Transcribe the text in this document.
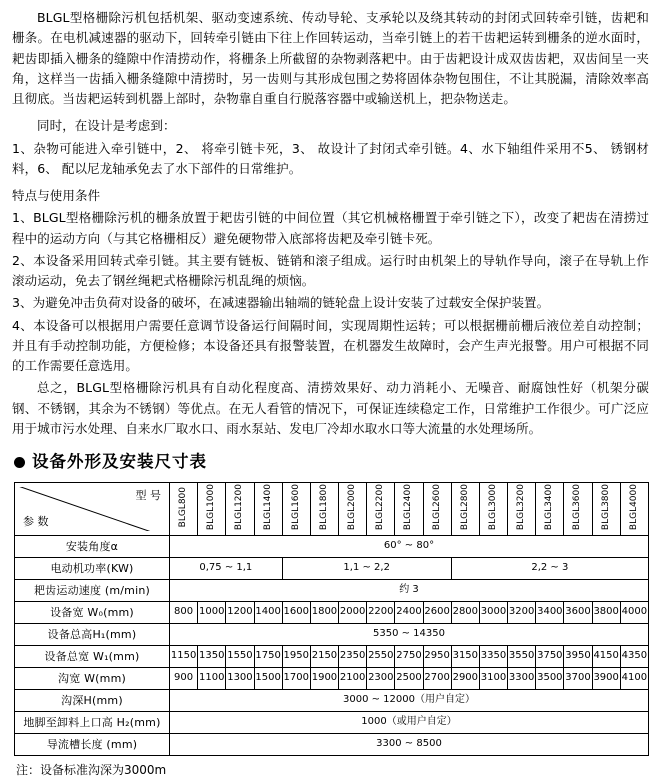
BLGL型格栅除污机包括机架、驱动变速系统、传动导轮、支承轮以及绕其转动的封闭式回转牵引链，齿耙和栅条。在电机减速器的驱动下，回转牵引链由下往上作回转运动，当牵引链上的若干齿耙运转到栅条的逆水面时，耙齿即插入栅条的缝隙中作清捞动作，将栅条上所截留的杂物剥落耙中。由于齿耙设计成双齿齿耙，双齿间呈一夹角，这样当一齿插入栅条缝隙中清捞时，另一齿则与其形成包围之势将固体杂物包围住，不让其脱漏，清除效率高且彻底。当齿耙运转到机器上部时，杂物靠自重自行脱落容器中或输送机上，把杂物送走。

同时，在设计是考虑到：

1、杂物可能进入牵引链中，2、 将牵引链卡死，3、 故设计了封闭式牵引链。4、水下轴组件采用不5、 锈钢材料，6、 配以尼龙轴承免去了水下部件的日常维护。

特点与使用条件

1、BLGL型格栅除污机的栅条放置于耙齿引链的中间位置（其它机械格栅置于牵引链之下），改变了耙齿在清捞过程中的运动方向（与其它格栅相反）避免硬物带入底部将齿耙及牵引链卡死。

2、本设备采用回转式牵引链。其主要有链板、链销和滚子组成。运行时由机架上的导轨作导向，滚子在导轨上作滚动运动，免去了钢丝绳耙式格栅除污机乱绳的烦恼。

3、为避免冲击负荷对设备的破坏，在减速器输出轴端的链轮盘上设计安装了过载安全保护装置。

4、本设备可以根据用户需要任意调节设备运行间隔时间，实现周期性运转；可以根据栅前栅后液位差自动控制；并且有手动控制功能，方便检修；本设备还具有报警装置，在机器发生故障时，会产生声光报警。用户可根据不同的工作需要任意选用。

总之，BLGL型格栅除污机具有自动化程度高、清捞效果好、动力消耗小、无噪音、耐腐蚀性好（机架分碳钢、不锈钢，其余为不锈钢）等优点。在无人看管的情况下，可保证连续稳定工作，日常维护工作很少。可广泛应用于城市污水处理、自来水厂取水口、雨水泵站、发电厂冷却水取水口等大流量的水处理场所。

设备外形及安装尺寸表
型 号
参 数	BLGL800	BLGL1000	BLGL1200	BLGL1400	BLGL1600	BLGL1800	BLGL2000	BLGL2200	BLGL2400	BLGL2600	BLGL2800	BLGL3000	BLGL3200	BLGL3400	BLGL3600	BLGL3800	BLGL4000
安装角度α	60° ~ 80°																
电动机功率(KW)	0,75 ~ 1,1				1,1 ~ 2,2						2,2 ~ 3						
耙齿运动速度 (m/min)	约 3																
设备宽 W₀(mm)	800	1000	1200	1400	1600	1800	2000	2200	2400	2600	2800	3000	3200	3400	3600	3800	4000
设备总高H₁(mm)	5350 ~ 14350																
设备总宽 W₁(mm)	1150	1350	1550	1750	1950	2150	2350	2550	2750	2950	3150	3350	3550	3750	3950	4150	4350
沟宽 W(mm)	900	1100	1300	1500	1700	1900	2100	2300	2500	2700	2900	3100	3300	3500	3700	3900	4100
沟深H(mm)	3000 ~ 12000（用户自定）																
地脚至卸料上口高 H₂(mm)	1000（或用户自定）																
导流槽长度 (mm)	3300 ~ 8500																
注：设备标准沟深为3000m
